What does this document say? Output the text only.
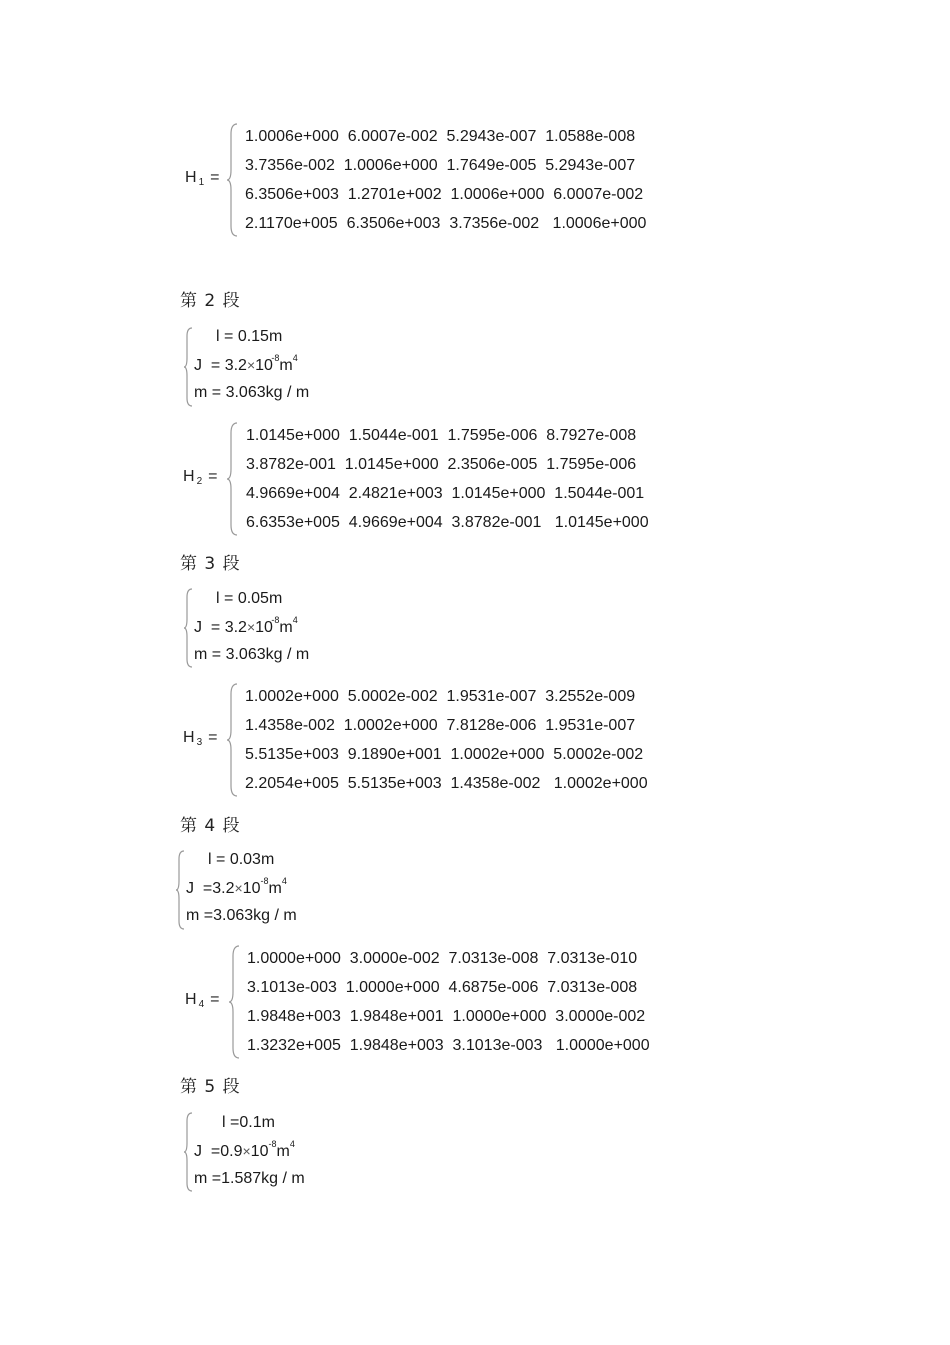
H 1 =
1.0006e+000  6.0007e-002  5.2943e-007  1.0588e-008
3.7356e-002  1.0006e+000  1.7649e-005  5.2943e-007
6.3506e+003  1.2701e+002  1.0006e+000  6.0007e-002
2.1170e+005  6.3506e+003  3.7356e-002   1.0006e+000
第 2 段
l = 0.15m
J = 3.2×10 $^{-8}m^4$
m = 3.063kg / m
H 2 =
1.0145e+000  1.5044e-001  1.7595e-006  8.7927e-008
3.8782e-001  1.0145e+000  2.3506e-005  1.7595e-006
4.9669e+004  2.4821e+003  1.0145e+000  1.5044e-001
6.6353e+005  4.9669e+004  3.8782e-001   1.0145e+000
第 3 段
l = 0.05m
J = 3.2×10 $^{-8}m^4$
m = 3.063kg / m
H 3 =
1.0002e+000  5.0002e-002  1.9531e-007  3.2552e-009
1.4358e-002  1.0002e+000  7.8128e-006  1.9531e-007
5.5135e+003  9.1890e+001  1.0002e+000  5.0002e-002
2.2054e+005  5.5135e+003  1.4358e-002   1.0002e+000
第 4 段
l = 0.03m
$J =3.2\times 10^{-8}m^4$
m =3.063kg / m
H 4 =
1.0000e+000  3.0000e-002  7.0313e-008  7.0313e-010
3.1013e-003  1.0000e+000  4.6875e-006  7.0313e-008
1.9848e+003  1.9848e+001  1.0000e+000  3.0000e-002
1.3232e+005  1.9848e+003  3.1013e-003   1.0000e+000
第 5 段
l =0.1m
$J =0.9\times 10^{-8}m^4$
m =1.587kg / m
